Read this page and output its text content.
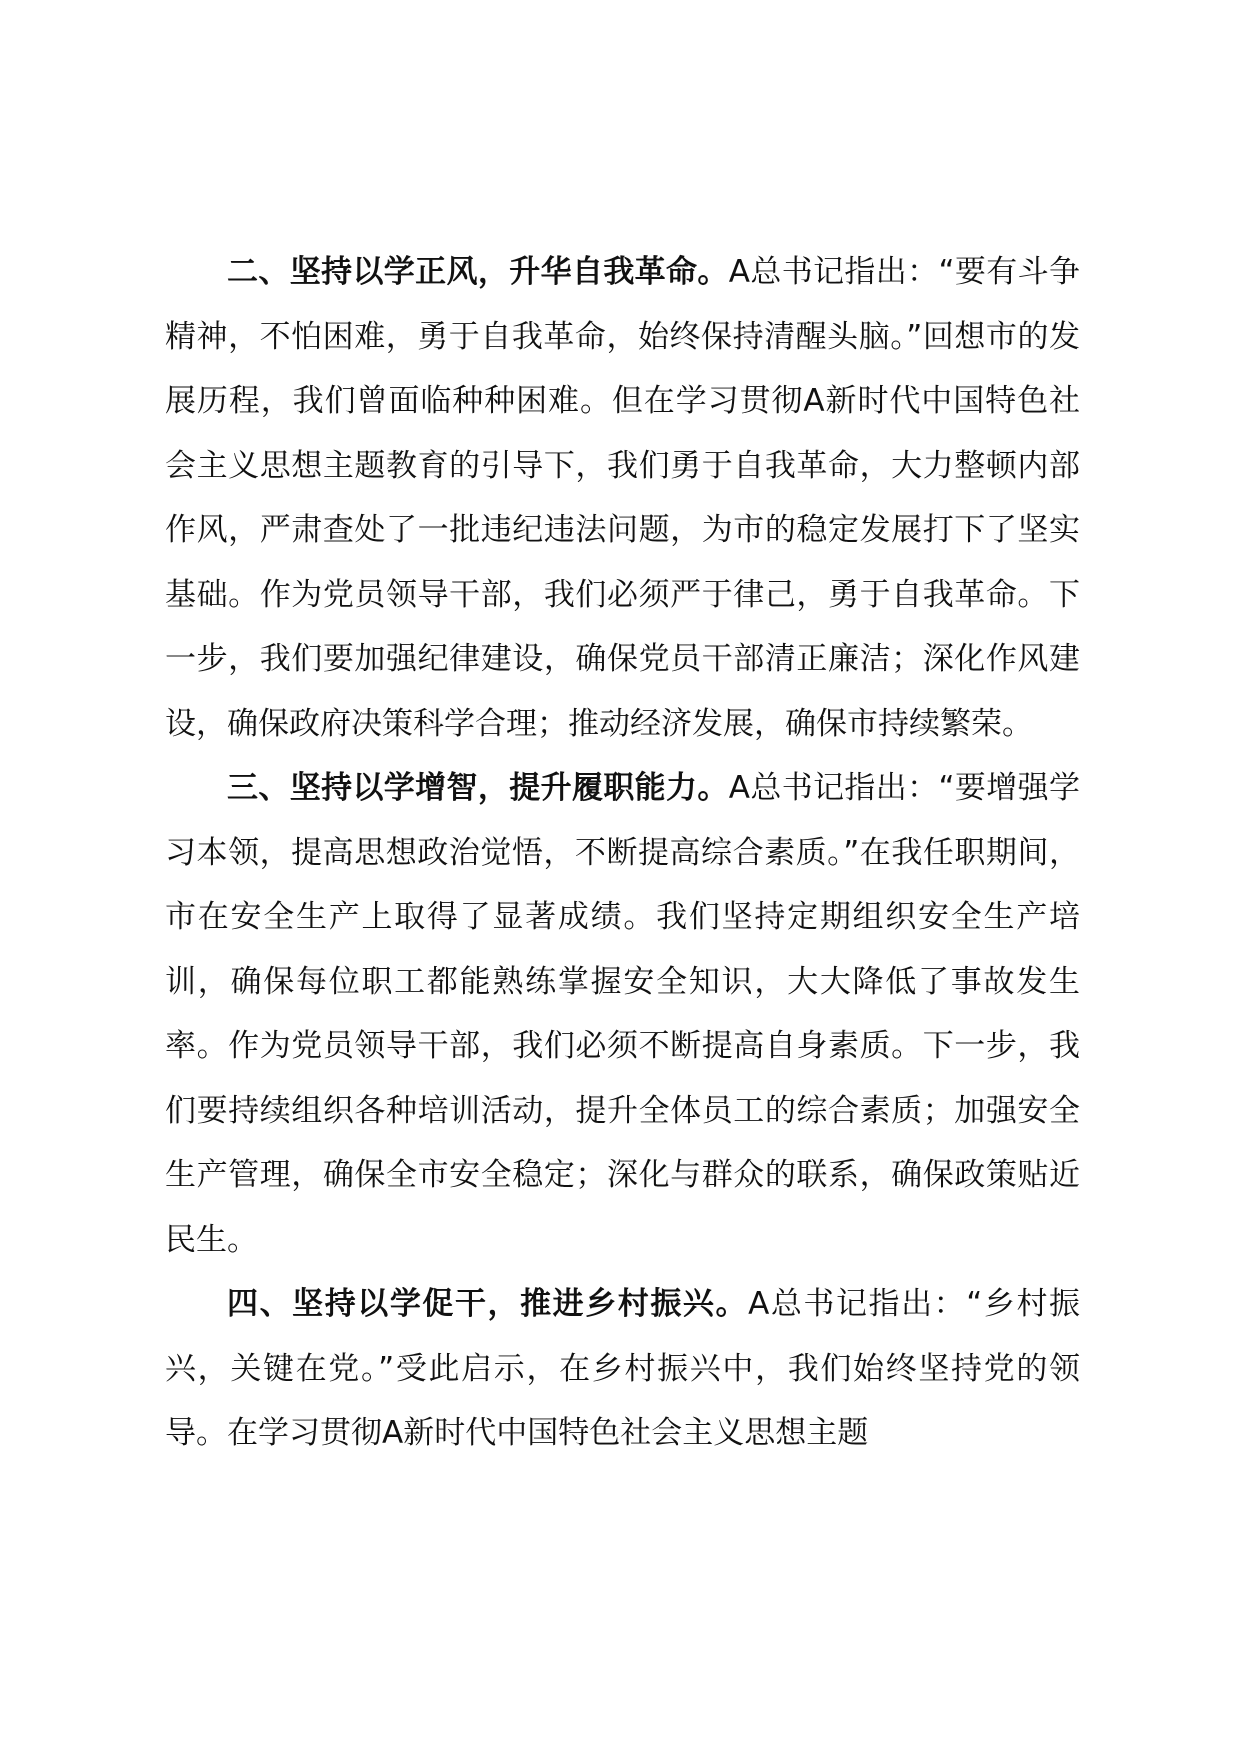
二、坚持以学正风，升华自我革命。A总书记指出：“要有斗争精神，不怕困难，勇于自我革命，始终保持清醒头脑。”回想市的发展历程，我们曾面临种种困难。但在学习贯彻A新时代中国特色社会主义思想主题教育的引导下，我们勇于自我革命，大力整顿内部作风，严肃查处了一批违纪违法问题，为市的稳定发展打下了坚实基础。作为党员领导干部，我们必须严于律己，勇于自我革命。下一步，我们要加强纪律建设，确保党员干部清正廉洁；深化作风建设，确保政府决策科学合理；推动经济发展，确保市持续繁荣。

三、坚持以学增智，提升履职能力。A总书记指出：“要增强学习本领，提高思想政治觉悟，不断提高综合素质。”在我任职期间，市在安全生产上取得了显著成绩。我们坚持定期组织安全生产培训，确保每位职工都能熟练掌握安全知识，大大降低了事故发生率。作为党员领导干部，我们必须不断提高自身素质。下一步，我们要持续组织各种培训活动，提升全体员工的综合素质；加强安全生产管理，确保全市安全稳定；深化与群众的联系，确保政策贴近民生。

四、坚持以学促干，推进乡村振兴。A总书记指出：“乡村振兴，关键在党。”受此启示，在乡村振兴中，我们始终坚持党的领导。在学习贯彻A新时代中国特色社会主义思想主题
